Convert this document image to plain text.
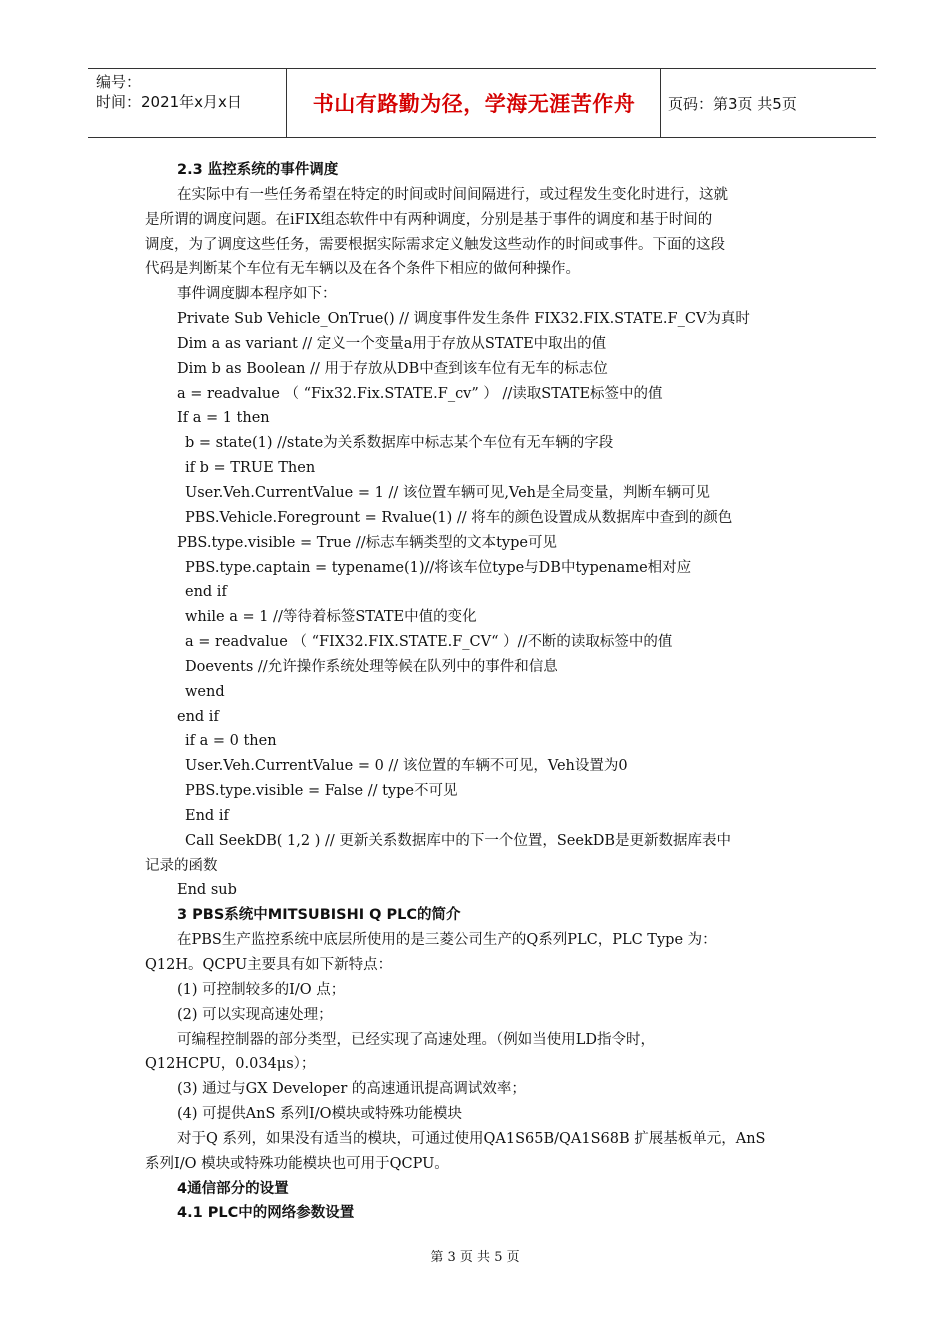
编号：
时间：2021年x月x日	书山有路勤为径，学海无涯苦作舟	页码：第3页 共5页
2.3 监控系统的事件调度
在实际中有一些任务希望在特定的时间或时间间隔进行，或过程发生变化时进行，这就
是所谓的调度问题。在iFIX组态软件中有两种调度，分别是基于事件的调度和基于时间的
调度，为了调度这些任务，需要根据实际需求定义触发这些动作的时间或事件。下面的这段
代码是判断某个车位有无车辆以及在各个条件下相应的做何种操作。
事件调度脚本程序如下：
Private Sub Vehicle_OnTrue() // 调度事件发生条件 FIX32.FIX.STATE.F_CV为真时
Dim a as variant // 定义一个变量a用于存放从STATE中取出的值
Dim b as Boolean // 用于存放从DB中查到该车位有无车的标志位
a = readvalue （ “Fix32.Fix.STATE.F_cv” ） //读取STATE标签中的值
If a = 1 then
b = state(1) //state为关系数据库中标志某个车位有无车辆的字段
if b = TRUE Then
User.Veh.CurrentValue = 1 // 该位置车辆可见,Veh是全局变量，判断车辆可见
PBS.Vehicle.Foregrount = Rvalue(1) // 将车的颜色设置成从数据库中查到的颜色
PBS.type.visible = True //标志车辆类型的文本type可见
PBS.type.captain = typename(1)//将该车位type与DB中typename相对应
end if
while a = 1 //等待着标签STATE中值的变化
a = readvalue （ “FIX32.FIX.STATE.F_CV“ ）//不断的读取标签中的值
Doevents //允许操作系统处理等候在队列中的事件和信息
wend
end if
if a = 0 then
User.Veh.CurrentValue = 0 // 该位置的车辆不可见，Veh设置为0
PBS.type.visible = False // type不可见
End if
Call SeekDB( 1,2 ) // 更新关系数据库中的下一个位置，SeekDB是更新数据库表中
记录的函数
End sub
3 PBS系统中MITSUBISHI Q PLC的简介
在PBS生产监控系统中底层所使用的是三菱公司生产的Q系列PLC，PLC Type 为：
Q12H。QCPU主要具有如下新特点：
(1) 可控制较多的I/O 点；
(2) 可以实现高速处理；
可编程控制器的部分类型，已经实现了高速处理。（例如当使用LD指令时，
Q12HCPU，0.034μs）；
(3) 通过与GX Developer 的高速通讯提高调试效率；
(4) 可提供AnS 系列I/O模块或特殊功能模块
对于Q 系列，如果没有适当的模块，可通过使用QA1S65B/QA1S68B 扩展基板单元，AnS
系列I/O 模块或特殊功能模块也可用于QCPU。
4通信部分的设置
4.1 PLC中的网络参数设置
第 3 页 共 5 页
